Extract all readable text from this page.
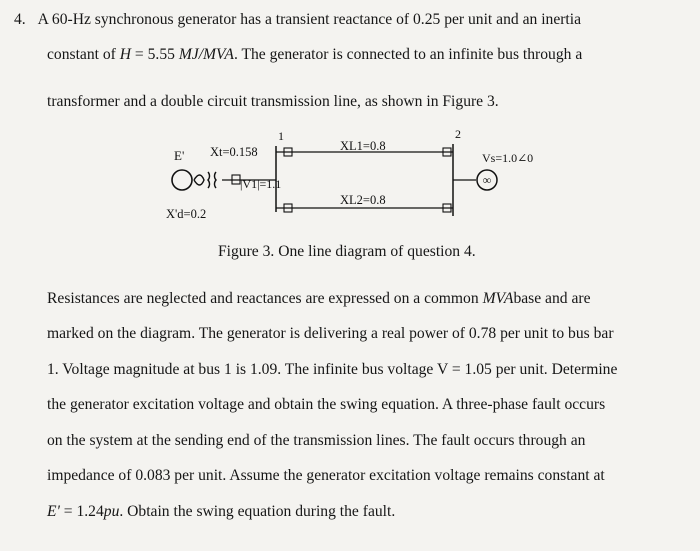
4. A 60-Hz synchronous generator has a transient reactance of 0.25 per unit and an inertia
constant of H = 5.55 MJ/MVA. The generator is connected to an infinite bus through a
transformer and a double circuit transmission line, as shown in Figure 3.
∞
E' Xt=0.158
X'd=0.2
|V1|=1.1
1	2
XL1=0.8
XL2=0.8
Vs=1.0∠0
Figure 3. One line diagram of question 4.
Resistances are neglected and reactances are expressed on a common MVAbase and are
marked on the diagram. The generator is delivering a real power of 0.78 per unit to bus bar
1. Voltage magnitude at bus 1 is 1.09. The infinite bus voltage V = 1.05 per unit. Determine
the generator excitation voltage and obtain the swing equation. A three-phase fault occurs
on the system at the sending end of the transmission lines. The fault occurs through an
impedance of 0.083 per unit. Assume the generator excitation voltage remains constant at
E' = 1.24pu. Obtain the swing equation during the fault.
